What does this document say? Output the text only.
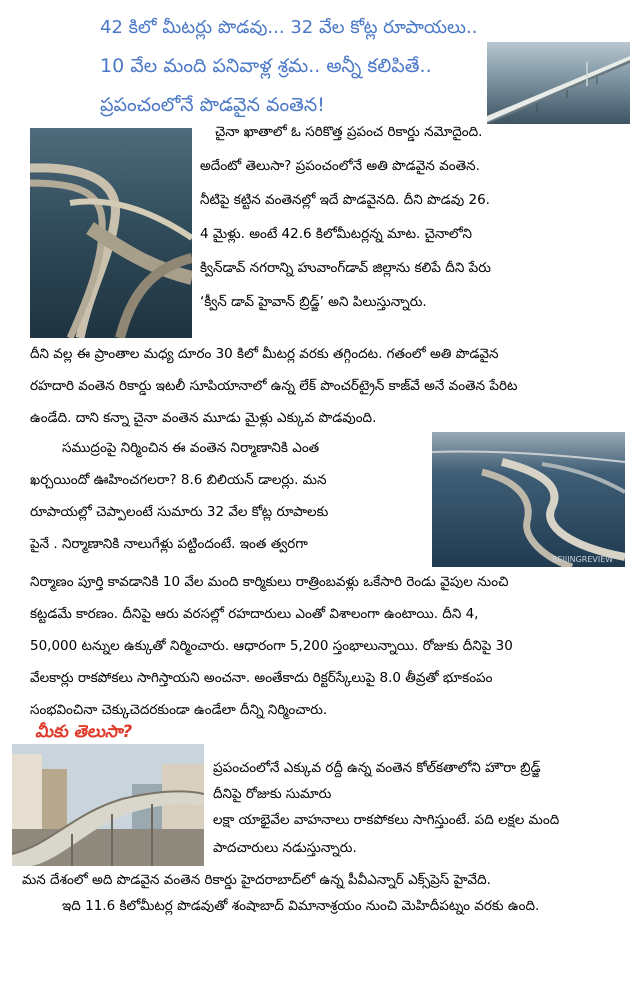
42 కిలో మీటర్లు పొడవు... 32 వేల కోట్ల రూపాయలు..
10 వేల మంది పనివాళ్ల శ్రమ.. అన్నీ కలిపితే..
ప్రపంచంలోనే పొడవైన వంతెన!
చైనా ఖాతాలో ఓ సరికొత్త ప్రపంచ రికార్డు నమోదైంది.
అదేంటో తెలుసా? ప్రపంచంలోనే అతి పొడవైన వంతెన.
నీటిపై కట్టిన వంతెనల్లో ఇదే పొడవైనది. దీని పొడవు 26.
4 మైళ్లు. అంటే 42.6 కిలోమీటర్లన్న మాట. చైనాలోని
క్విన్‌డావ్ నగరాన్ని హువాంగ్‌డావ్ జిల్లాను కలిపే దీని పేరు
‘క్వీన్ డావ్ హైవాన్ బ్రిడ్జ్’ అని పిలుస్తున్నారు.
దీని వల్ల ఈ ప్రాంతాల మధ్య దూరం 30 కిలో మీటర్ల వరకు తగ్గిందట. గతంలో అతి పొడవైన
రహదారి వంతెన రికార్డు ఇటలీ సూపియానాలో ఉన్న లేక్ పొంచర్‌ట్రైన్ కాజ్‌వే అనే వంతెన పేరిట
ఉండేది. దాని కన్నా చైనా వంతెన మూడు మైళ్లు ఎక్కువ పొడవుంది.
BEIJINGREVIEW
సముద్రంపై నిర్మించిన ఈ వంతెన నిర్మాణానికి ఎంత
ఖర్చయిందో ఊహించగలరా? 8.6 బిలియన్ డాలర్లు. మన
రూపాయల్లో చెప్పాలంటే సుమారు 32 వేల కోట్ల రూపాలకు
పైనే . నిర్మాణానికి నాలుగేళ్లు పట్టిందంటే. ఇంత త్వరగా
నిర్మాణం పూర్తి కావడానికి 10 వేల మంది కార్మికులు రాత్రింబవళ్లు ఒకేసారి రెండు వైపుల నుంచి
కట్టడమే కారణం. దీనిపై ఆరు వరసల్లో రహదారులు ఎంతో విశాలంగా ఉంటాయి. దీని 4,
50,000 టన్నుల ఉక్కుతో నిర్మించారు. ఆధారంగా 5,200 స్తంభాలున్నాయి. రోజుకు దీనిపై 30
వేలకార్లు రాకపోకలు సాగిస్తాయని అంచనా. అంతేకాదు రిక్టర్‌స్కేలుపై 8.0 తీవ్రతో భూకంపం
సంభవించినా చెక్కుచెదరకుండా ఉండేలా దీన్ని నిర్మించారు.
మీకు తెలుసా?
ప్రపంచంలోనే ఎక్కువ రద్దీ ఉన్న వంతెన కోల్‌కతాలోని హౌరా బ్రిడ్జ్
దీనిపై రోజుకు సుమారు
లక్షా యాభైవేల వాహనాలు రాకపోకలు సాగిస్తుంటే. పది లక్షల మంది
పాదచారులు నడుస్తున్నారు.
మన దేశంలో అది పొడవైన వంతెన రికార్డు హైదరాబాద్‌లో ఉన్న పీవీఎన్నార్ ఎక్స్‌ప్రెస్ హైవేది.
ఇది 11.6 కిలోమీటర్ల పొడవుతో శంషాబాద్ విమానాశ్రయం నుంచి మెహిదీపట్నం వరకు ఉంది.
